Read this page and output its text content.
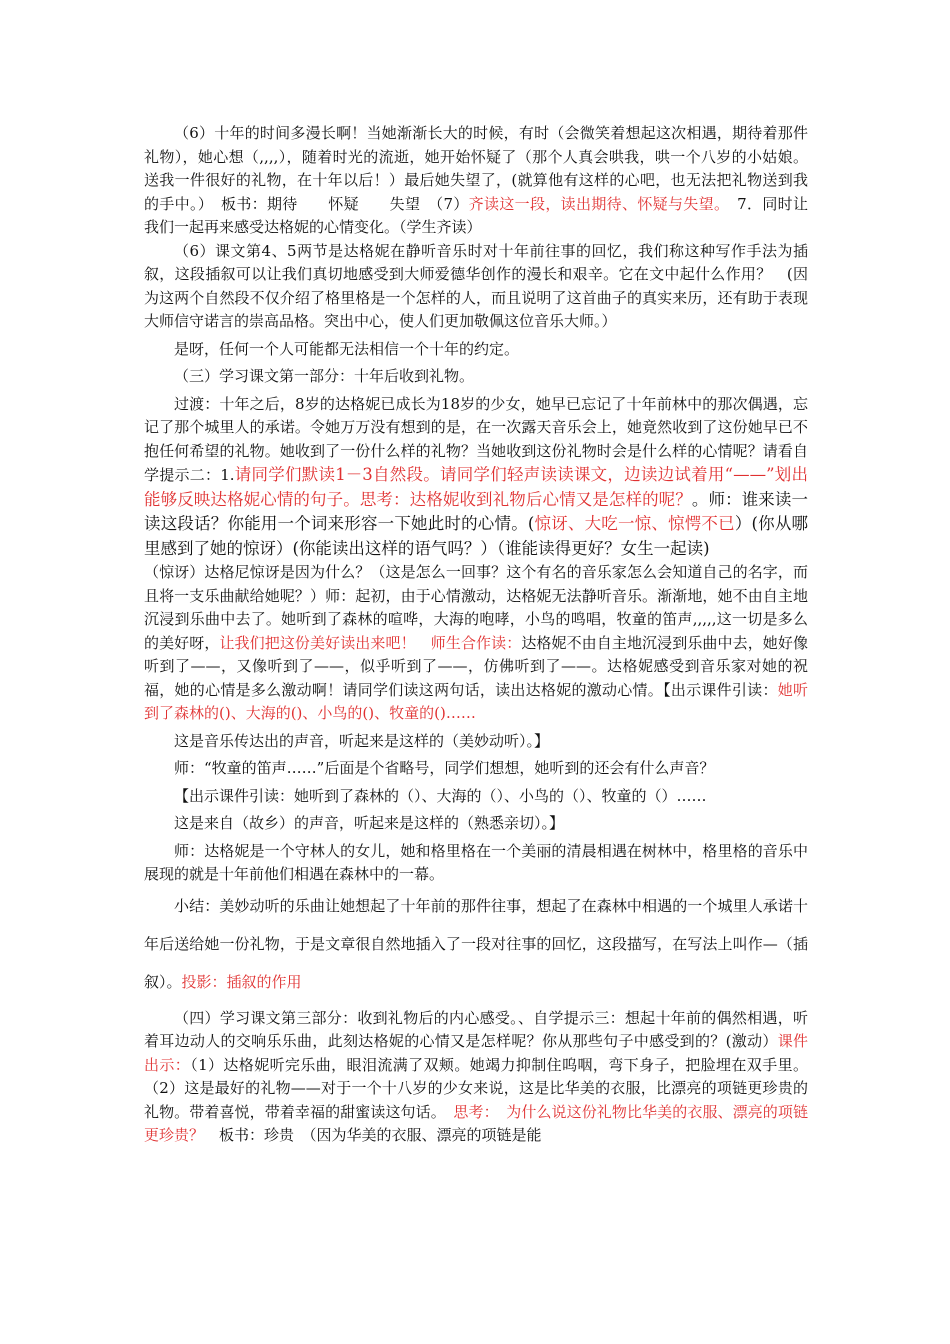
（6）十年的时间多漫长啊！当她渐渐长大的时候，有时（会微笑着想起这次相遇，期待着那件礼物），她心想（,,,,），随着时光的流逝，她开始怀疑了（那个人真会哄我，哄一个八岁的小姑娘。送我一件很好的礼物，在十年以后！）最后她失望了，(就算他有这样的心吧，也无法把礼物送到我的手中。）　板书：期待　　怀疑　　失望　（7）齐读这一段，读出期待、怀疑与失望。　7．同时让我们一起再来感受达格妮的心情变化。（学生齐读）

（6）课文第4、5两节是达格妮在静听音乐时对十年前往事的回忆，我们称这种写作手法为插叙，这段插叙可以让我们真切地感受到大师爱德华创作的漫长和艰辛。它在文中起什么作用？　(因为这两个自然段不仅介绍了格里格是一个怎样的人，而且说明了这首曲子的真实来历，还有助于表现大师信守诺言的崇高品格。突出中心，使人们更加敬佩这位音乐大师。）

是呀，任何一个人可能都无法相信一个十年的约定。

（三）学习课文第一部分：十年后收到礼物。

过渡：十年之后，8岁的达格妮已成长为18岁的少女，她早已忘记了十年前林中的那次偶遇，忘记了那个城里人的承诺。令她万万没有想到的是，在一次露天音乐会上，她竟然收到了这份她早已不抱任何希望的礼物。她收到了一份什么样的礼物？当她收到这份礼物时会是什么样的心情呢？请看自学提示二：1.请同学们默读1－3自然段。请同学们轻声读读课文，边读边试着用“——”划出能够反映达格妮心情的句子。思考：达格妮收到礼物后心情又是怎样的呢？。师：谁来读一读这段话？你能用一个词来形容一下她此时的心情。(惊讶、大吃一惊、惊愕不已）(你从哪里感到了她的惊讶）(你能读出这样的语气吗？）（谁能读得更好？女生一起读)

（惊讶）达格尼惊讶是因为什么？（这是怎么一回事？这个有名的音乐家怎么会知道自己的名字，而且将一支乐曲献给她呢？）师：起初，由于心情激动，达格妮无法静听音乐。渐渐地，她不由自主地沉浸到乐曲中去了。她听到了森林的喧哗，大海的咆哮，小鸟的鸣唱，牧童的笛声,,,,,这一切是多么的美好呀，让我们把这份美好读出来吧！　师生合作读：达格妮不由自主地沉浸到乐曲中去，她好像听到了——，又像听到了——，似乎听到了——，仿佛听到了——。达格妮感受到音乐家对她的祝福，她的心情是多么激动啊！请同学们读这两句话，读出达格妮的激动心情。【出示课件引读：她听到了森林的()、大海的()、小鸟的()、牧童的()……

这是音乐传达出的声音，听起来是这样的（美妙动听）。】

师：“牧童的笛声……”后面是个省略号，同学们想想，她听到的还会有什么声音？

【出示课件引读：她听到了森林的（）、大海的（）、小鸟的（）、牧童的（）……

这是来自（故乡）的声音，听起来是这样的（熟悉亲切）。】

师：达格妮是一个守林人的女儿，她和格里格在一个美丽的清晨相遇在树林中，格里格的音乐中展现的就是十年前他们相遇在森林中的一幕。

小结：美妙动听的乐曲让她想起了十年前的那件往事，想起了在森林中相遇的一个城里人承诺十年后送给她一份礼物，于是文章很自然地插入了一段对往事的回忆，这段描写，在写法上叫作—（插叙）。投影：插叙的作用

（四）学习课文第三部分：收到礼物后的内心感受。、自学提示三：想起十年前的偶然相遇，听着耳边动人的交响乐乐曲，此刻达格妮的心情又是怎样呢？你从那些句子中感受到的？(激动）课件出示：（1）达格妮听完乐曲，眼泪流满了双颊。她竭力抑制住呜咽，弯下身子，把脸埋在双手里。（2）这是最好的礼物——对于一个十八岁的少女来说，这是比华美的衣服，比漂亮的项链更珍贵的礼物。带着喜悦，带着幸福的甜蜜读这句话。　思考：　为什么说这份礼物比华美的衣服、漂亮的项链更珍贵？　板书：珍贵　（因为华美的衣服、漂亮的项链是能
